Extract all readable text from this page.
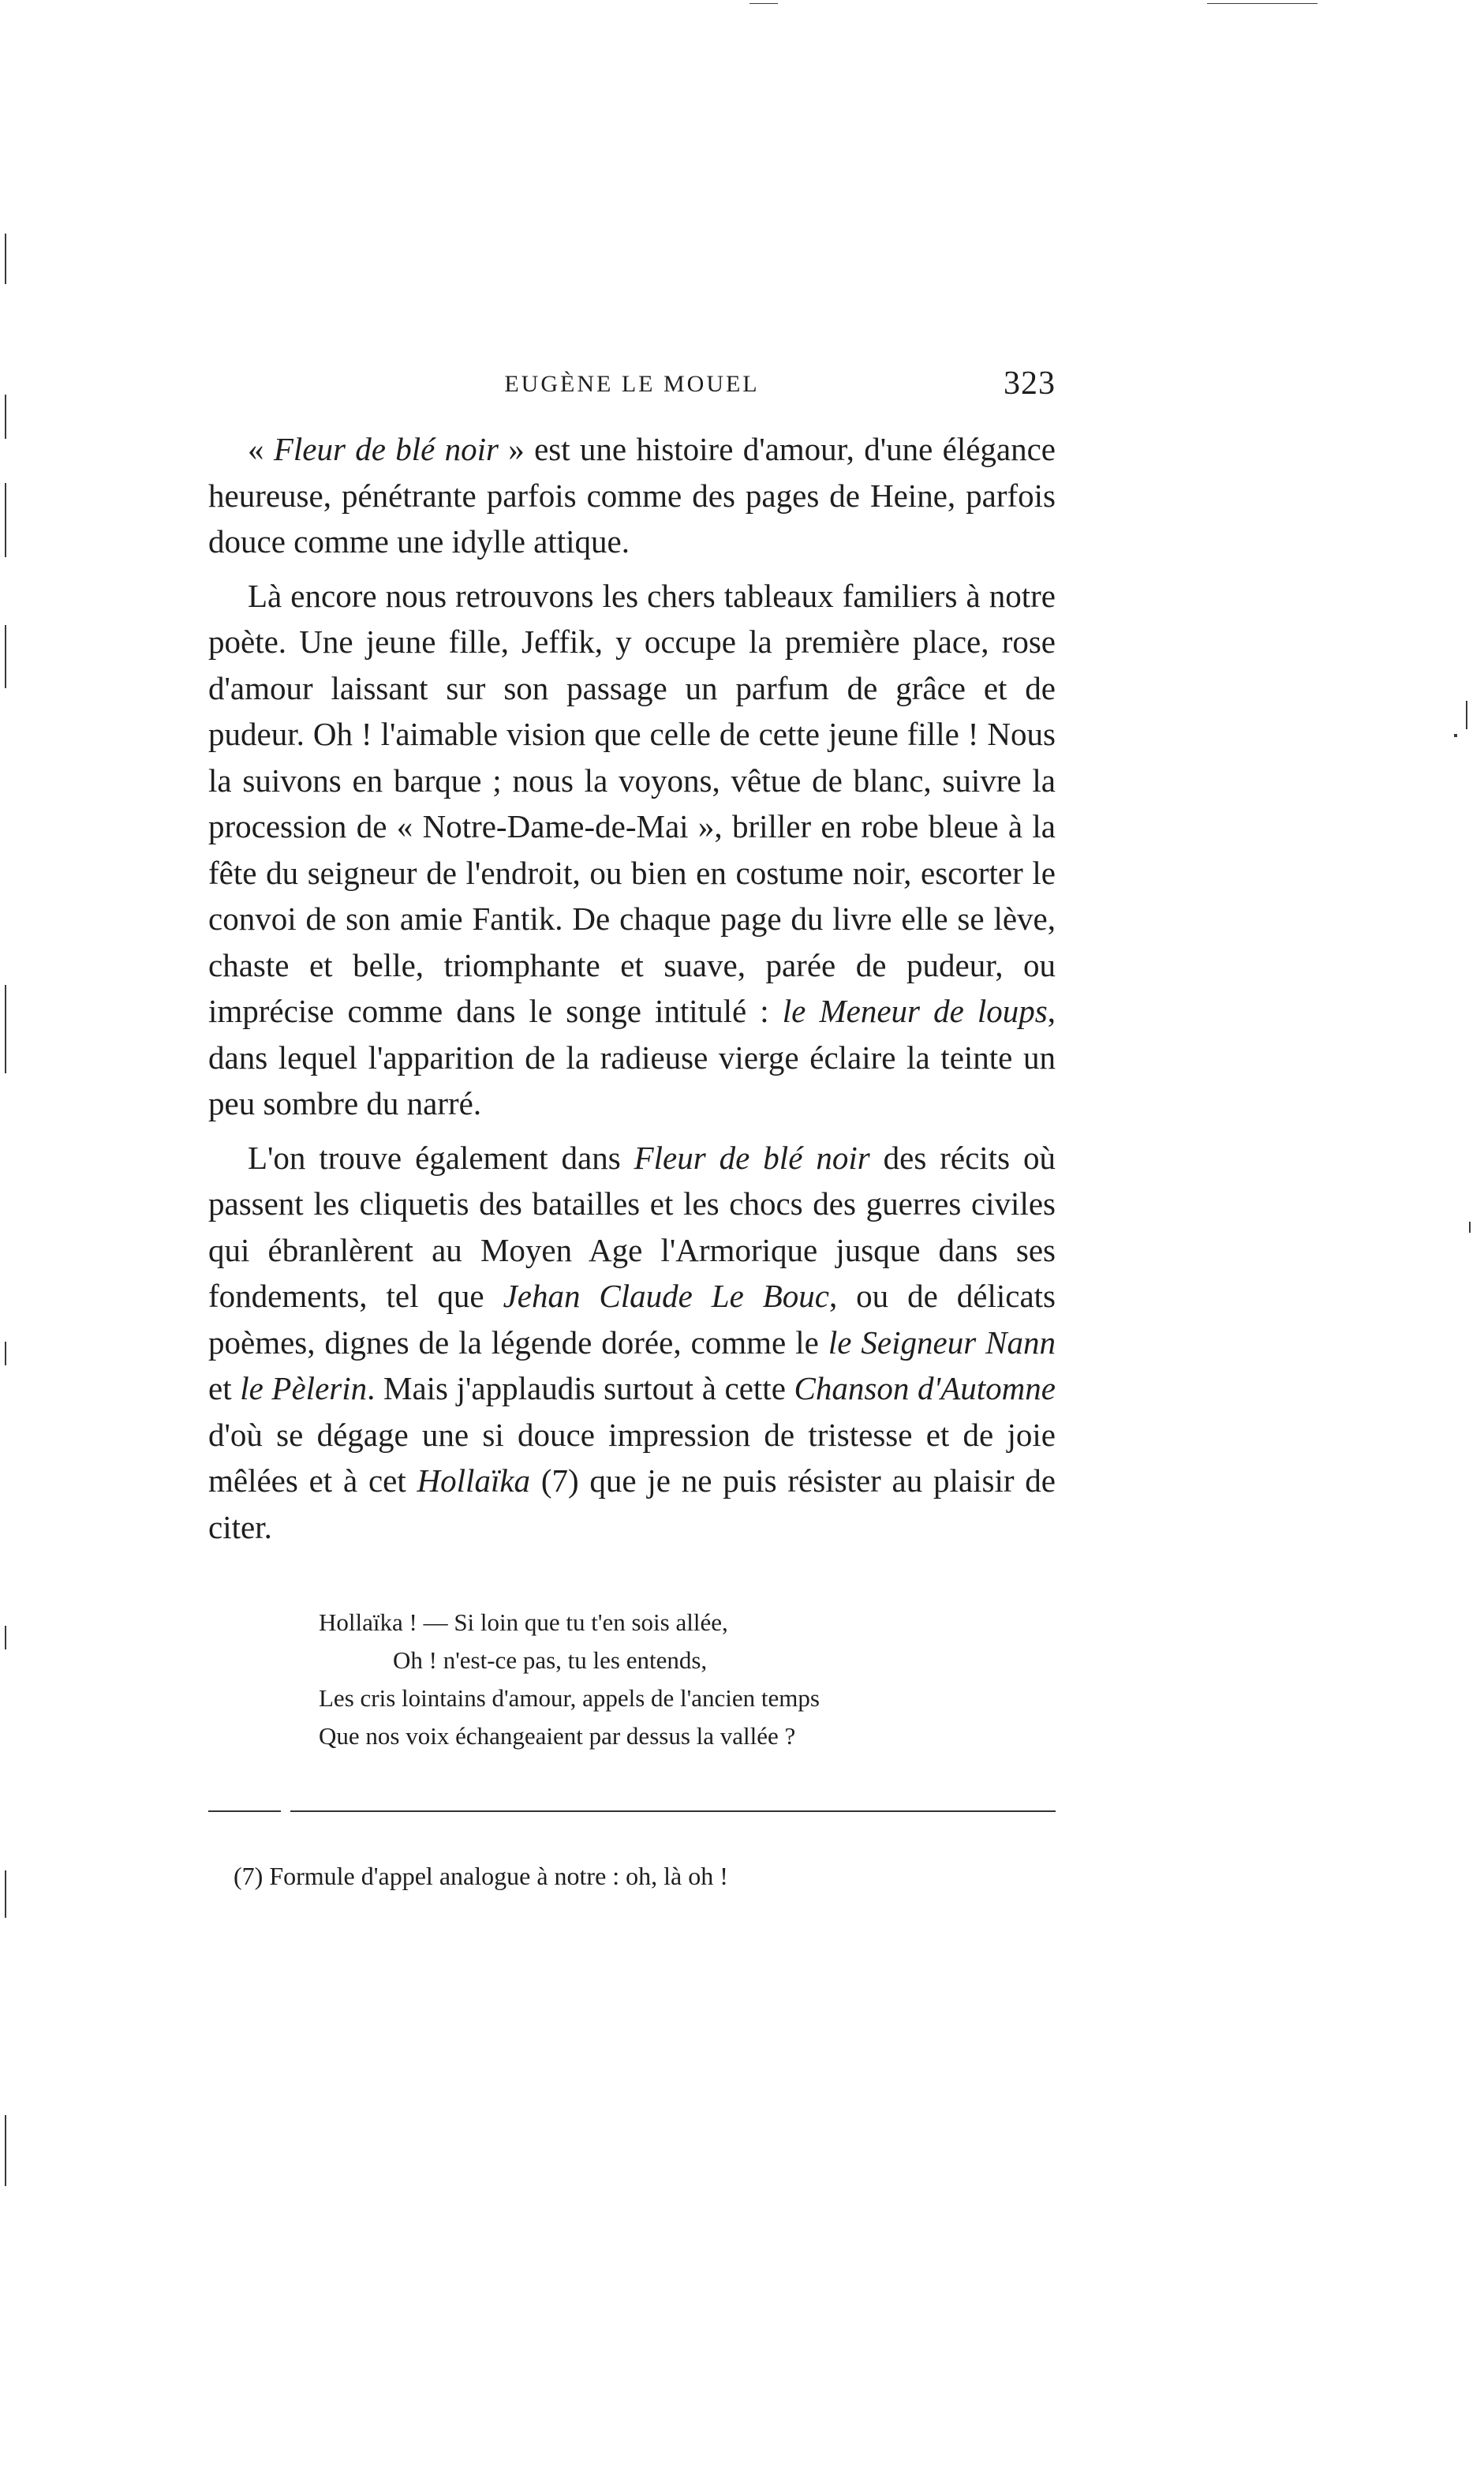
EUGÈNE LE MOUEL	323

« Fleur de blé noir » est une histoire d'amour, d'une élégance heureuse, pénétrante parfois comme des pages de Heine, parfois douce comme une idylle attique.

Là encore nous retrouvons les chers tableaux familiers à notre poète. Une jeune fille, Jeffik, y occupe la première place, rose d'amour laissant sur son passage un parfum de grâce et de pudeur. Oh ! l'aimable vision que celle de cette jeune fille ! Nous la suivons en barque ; nous la voyons, vêtue de blanc, suivre la procession de « Notre-Dame-de-Mai », briller en robe bleue à la fête du seigneur de l'endroit, ou bien en costume noir, escorter le convoi de son amie Fantik. De chaque page du livre elle se lève, chaste et belle, triomphante et suave, parée de pudeur, ou imprécise comme dans le songe intitulé : le Meneur de loups, dans lequel l'apparition de la radieuse vierge éclaire la teinte un peu sombre du narré.

L'on trouve également dans Fleur de blé noir des récits où passent les cliquetis des batailles et les chocs des guerres civiles qui ébranlèrent au Moyen Age l'Armorique jusque dans ses fondements, tel que Jehan Claude Le Bouc, ou de délicats poèmes, dignes de la légende dorée, comme le le Seigneur Nann et le Pèlerin. Mais j'applaudis surtout à cette Chanson d'Automne d'où se dégage une si douce impression de tristesse et de joie mêlées et à cet Hollaïka (7) que je ne puis résister au plaisir de citer.

Hollaïka ! — Si loin que tu t'en sois allée,
Oh ! n'est-ce pas, tu les entends,
Les cris lointains d'amour, appels de l'ancien temps
Que nos voix échangeaient par dessus la vallée ?
(7) Formule d'appel analogue à notre : oh, là oh !
